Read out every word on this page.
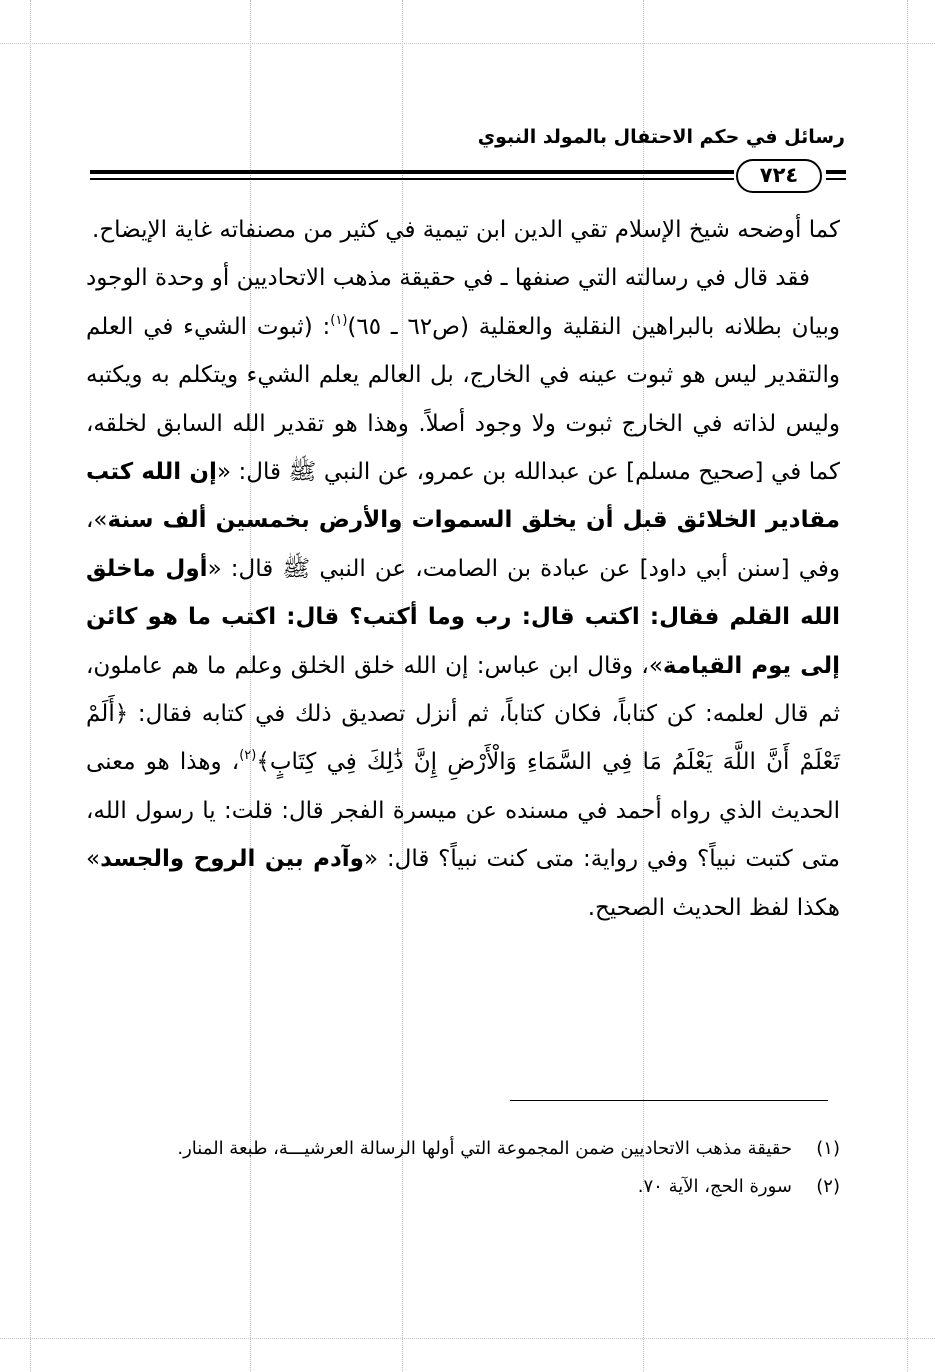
رسائل في حكم الاحتفال بالمولد النبوي
٧٢٤

كما أوضحه شيخ الإسلام تقي الدين ابن تيمية في كثير من مصنفاته غاية الإيضاح.

فقد قال في رسالته التي صنفها ـ في حقيقة مذهب الاتحاديين أو وحدة الوجود وبيان بطلانه بالبراهين النقلية والعقلية (ص٦٢ ـ ٦٥)$^{(١)}$: (ثبوت الشيء في العلم والتقدير ليس هو ثبوت عينه في الخارج، بل العالم يعلم الشيء ويتكلم به ويكتبه وليس لذاته في الخارج ثبوت ولا وجود أصلاً. وهذا هو تقدير الله السابق لخلقه، كما في [صحيح مسلم] عن عبدالله بن عمرو، عن النبي ﷺ قال: «إن الله كتب مقادير الخلائق قبل أن يخلق السموات والأرض بخمسين ألف سنة»، وفي [سنن أبي داود] عن عبادة بن الصامت، عن النبي ﷺ قال: «أول ماخلق الله القلم فقال: اكتب قال: رب وما أكتب؟ قال: اكتب ما هو كائن إلى يوم القيامة»، وقال ابن عباس: إن الله خلق الخلق وعلم ما هم عاملون، ثم قال لعلمه: كن كتاباً، فكان كتاباً، ثم أنزل تصديق ذلك في كتابه فقال: ﴿أَلَمْ تَعْلَمْ أَنَّ اللَّهَ يَعْلَمُ مَا فِي السَّمَاءِ وَالْأَرْضِ إِنَّ ذَٰلِكَ فِي كِتَابٍ﴾$^{(٢)}$، وهذا هو معنى الحديث الذي رواه أحمد في مسنده عن ميسرة الفجر قال: قلت: يا رسول الله، متى كتبت نبياً؟ وفي رواية: متى كنت نبياً؟ قال: «وآدم بين الروح والجسد» هكذا لفظ الحديث الصحيح.

(١)
حقيقة مذهب الاتحاديين ضمن المجموعة التي أولها الرسالة العرشيـــة، طبعة المنار.
(٢)
سورة الحج، الآية ٧٠.
